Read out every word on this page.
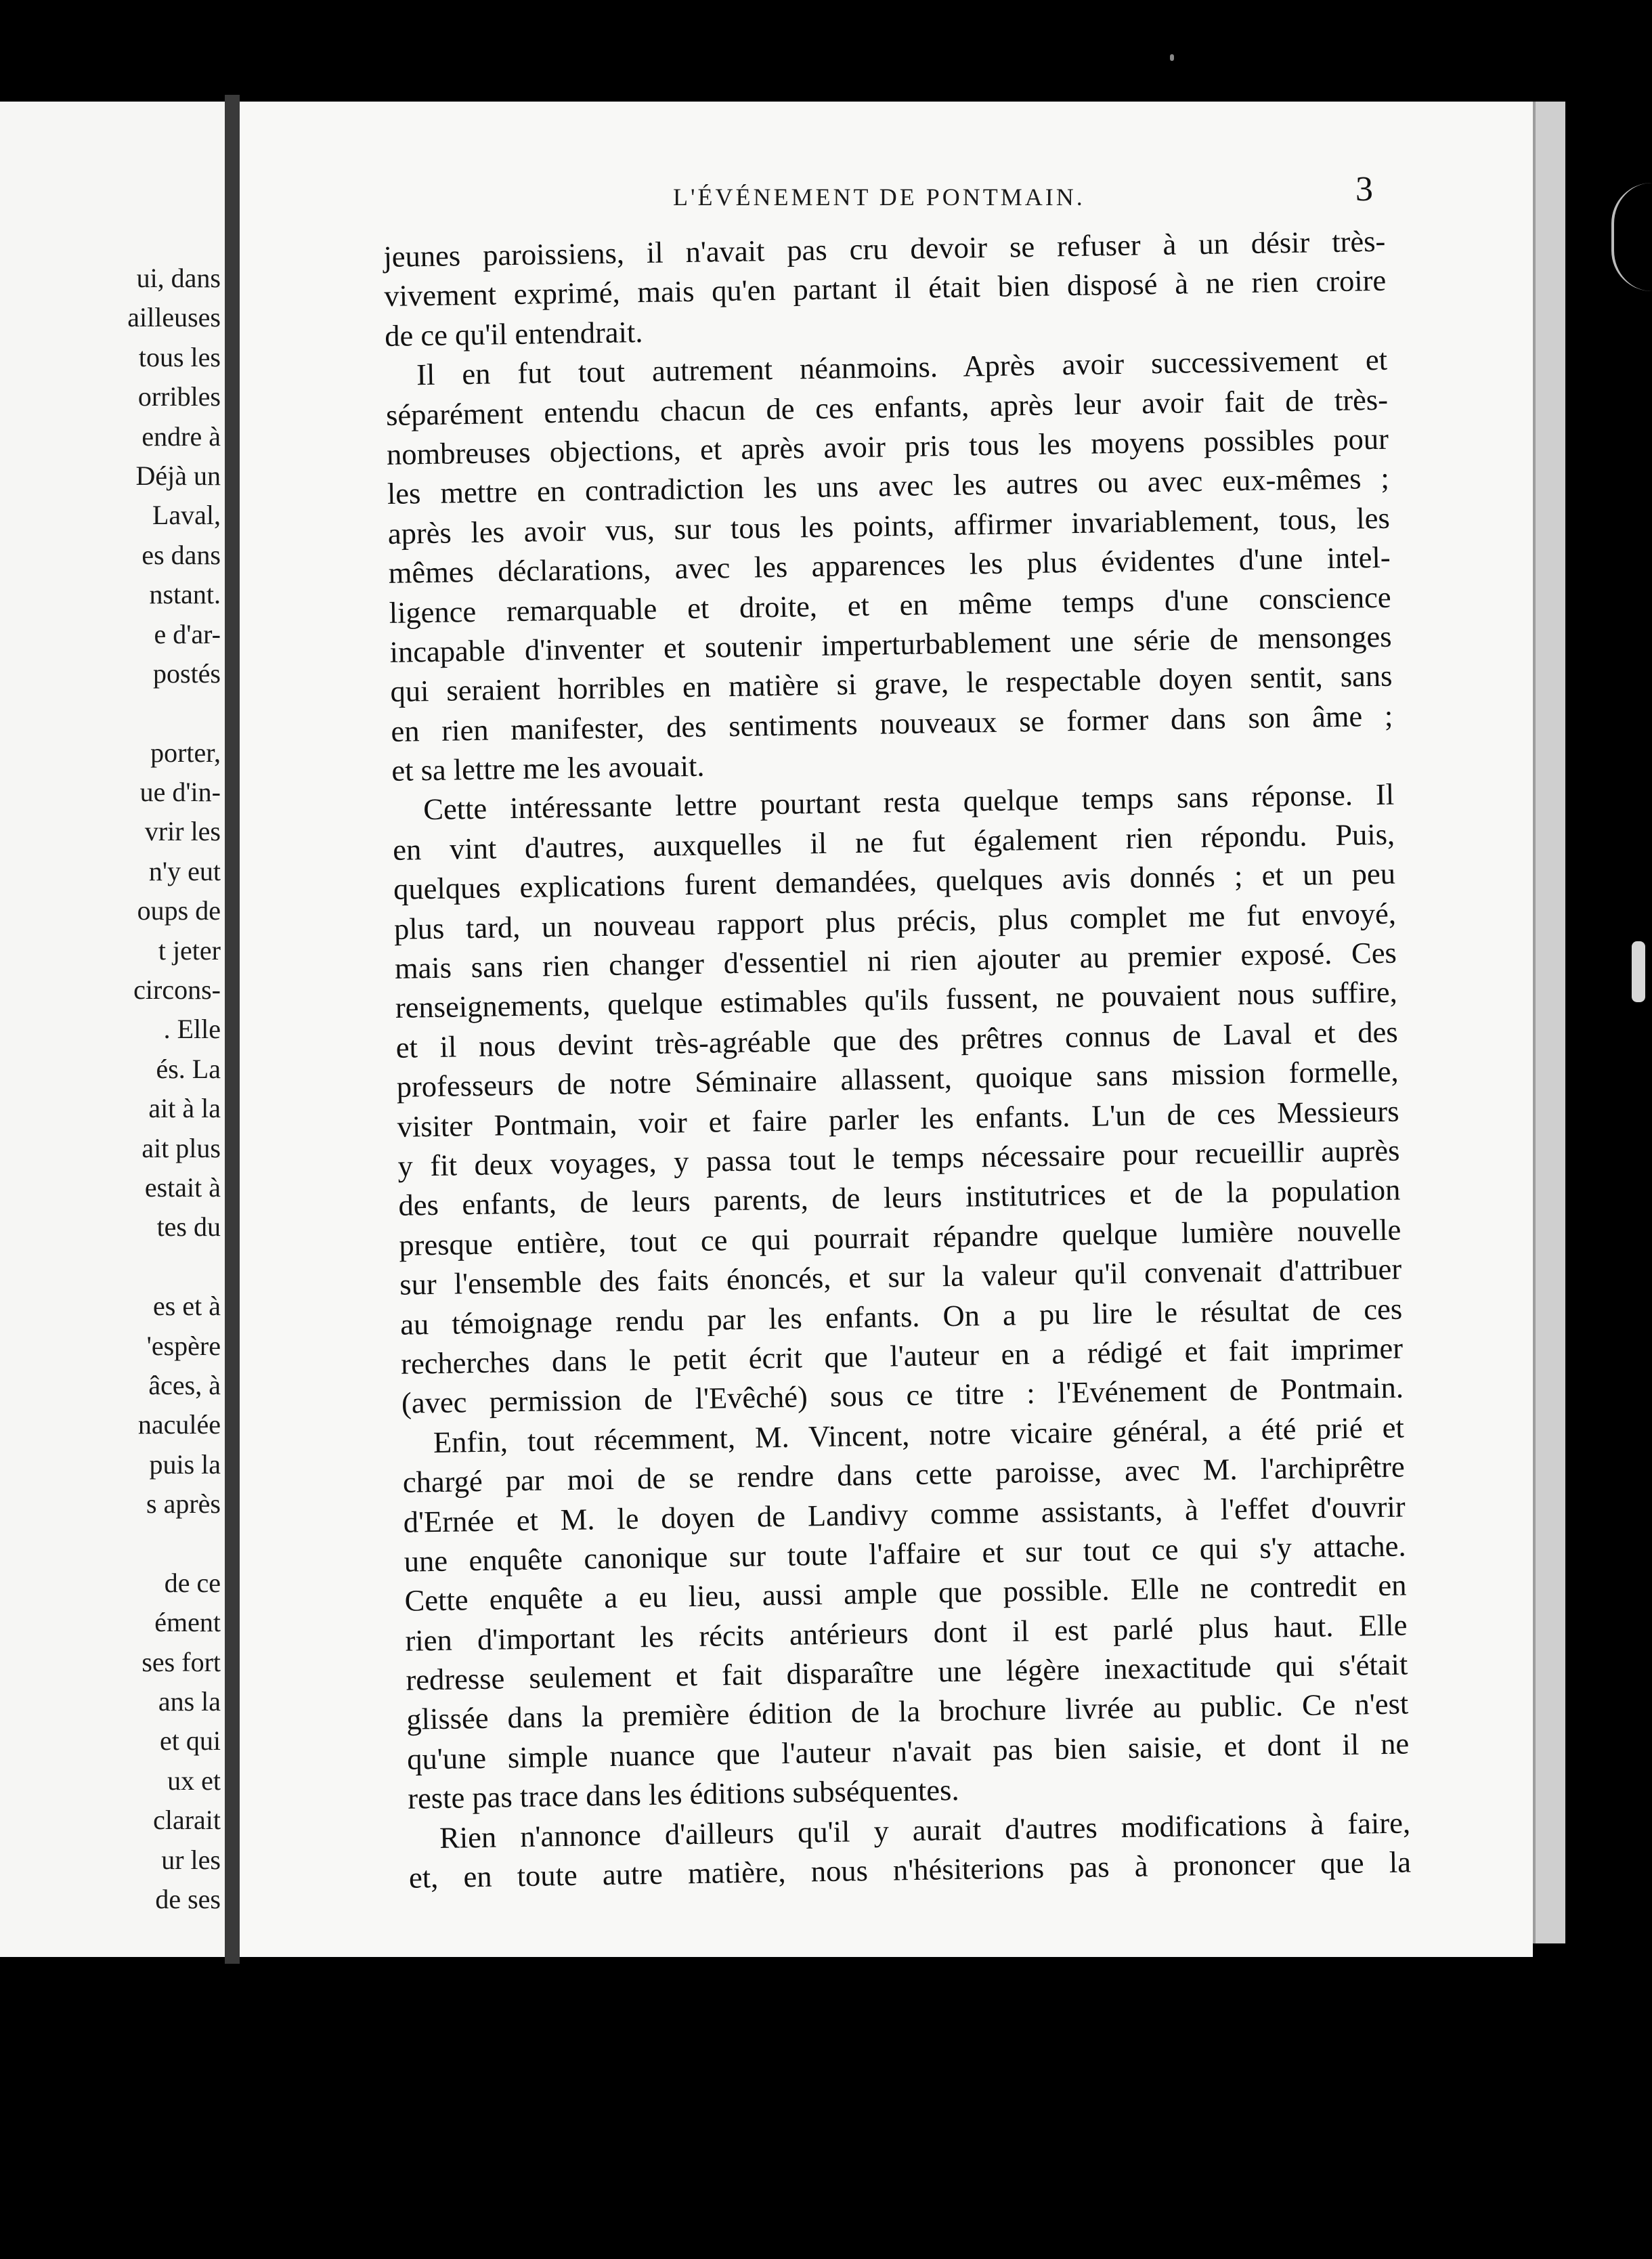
ui, dans
ailleuses
tous les
orribles
endre à
Déjà un
Laval,
es dans
nstant.
e d'ar-
postés
porter,
ue d'in-
vrir les
n'y eut
oups de
t jeter
circons-
. Elle
és. La
ait à la
ait plus
estait à
tes du
es et à
'espère
âces, à
naculée
puis la
s après
de ce
ément
ses fort
ans la
et qui
ux et
clarait
ur les
de ses
L'ÉVÉNEMENT DE PONTMAIN.	3
jeunes paroissiens, il n'avait pas cru devoir se refuser à un désir très-
vivement exprimé, mais qu'en partant il était bien disposé à ne rien croire
de ce qu'il entendrait.
Il en fut tout autrement néanmoins. Après avoir successivement et
séparément entendu chacun de ces enfants, après leur avoir fait de très-
nombreuses objections, et après avoir pris tous les moyens possibles pour
les mettre en contradiction les uns avec les autres ou avec eux-mêmes ;
après les avoir vus, sur tous les points, affirmer invariablement, tous, les
mêmes déclarations, avec les apparences les plus évidentes d'une intel-
ligence remarquable et droite, et en même temps d'une conscience
incapable d'inventer et soutenir imperturbablement une série de mensonges
qui seraient horribles en matière si grave, le respectable doyen sentit, sans
en rien manifester, des sentiments nouveaux se former dans son âme ;
et sa lettre me les avouait.
Cette intéressante lettre pourtant resta quelque temps sans réponse. Il
en vint d'autres, auxquelles il ne fut également rien répondu. Puis,
quelques explications furent demandées, quelques avis donnés ; et un peu
plus tard, un nouveau rapport plus précis, plus complet me fut envoyé,
mais sans rien changer d'essentiel ni rien ajouter au premier exposé. Ces
renseignements, quelque estimables qu'ils fussent, ne pouvaient nous suffire,
et il nous devint très-agréable que des prêtres connus de Laval et des
professeurs de notre Séminaire allassent, quoique sans mission formelle,
visiter Pontmain, voir et faire parler les enfants. L'un de ces Messieurs
y fit deux voyages, y passa tout le temps nécessaire pour recueillir auprès
des enfants, de leurs parents, de leurs institutrices et de la population
presque entière, tout ce qui pourrait répandre quelque lumière nouvelle
sur l'ensemble des faits énoncés, et sur la valeur qu'il convenait d'attribuer
au témoignage rendu par les enfants. On a pu lire le résultat de ces
recherches dans le petit écrit que l'auteur en a rédigé et fait imprimer
(avec permission de l'Evêché) sous ce titre : l'Evénement de Pontmain.
Enfin, tout récemment, M. Vincent, notre vicaire général, a été prié et
chargé par moi de se rendre dans cette paroisse, avec M. l'archiprêtre
d'Ernée et M. le doyen de Landivy comme assistants, à l'effet d'ouvrir
une enquête canonique sur toute l'affaire et sur tout ce qui s'y attache.
Cette enquête a eu lieu, aussi ample que possible. Elle ne contredit en
rien d'important les récits antérieurs dont il est parlé plus haut. Elle
redresse seulement et fait disparaître une légère inexactitude qui s'était
glissée dans la première édition de la brochure livrée au public. Ce n'est
qu'une simple nuance que l'auteur n'avait pas bien saisie, et dont il ne
reste pas trace dans les éditions subséquentes.
Rien n'annonce d'ailleurs qu'il y aurait d'autres modifications à faire,
et, en toute autre matière, nous n'hésiterions pas à prononcer que la
